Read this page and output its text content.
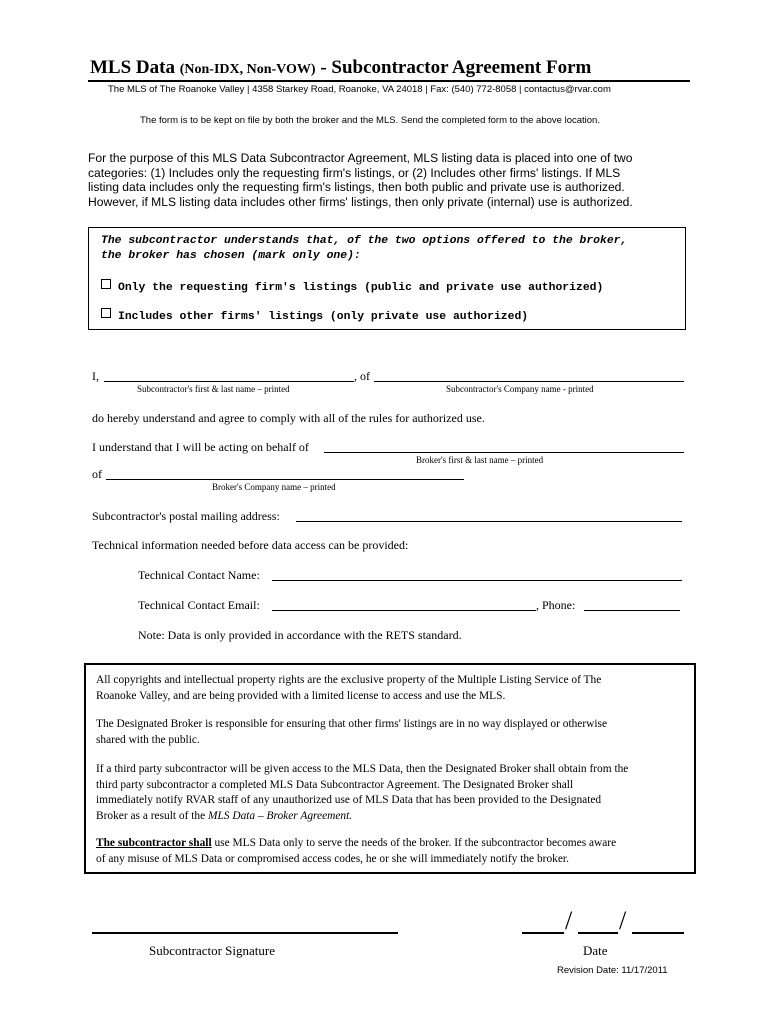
MLS Data (Non-IDX, Non-VOW) - Subcontractor Agreement Form
The MLS of The Roanoke Valley | 4358 Starkey Road, Roanoke, VA 24018 | Fax: (540) 772-8058 | contactus@rvar.com
The form is to be kept on file by both the broker and the MLS. Send the completed form to the above location.
For the purpose of this MLS Data Subcontractor Agreement, MLS listing data is placed into one of two
categories: (1) Includes only the requesting firm's listings, or (2) Includes other firms' listings. If MLS
listing data includes only the requesting firm's listings, then both public and private use is authorized.
However, if MLS listing data includes other firms' listings, then only private (internal) use is authorized.
The subcontractor understands that, of the two options offered to the broker,
the broker has chosen (mark only one):
Only the requesting firm's listings (public and private use authorized)
Includes other firms' listings (only private use authorized)
I,	, of
Subcontractor's first & last name – printed	Subcontractor's Company name - printed
do hereby understand and agree to comply with all of the rules for authorized use.
I understand that I will be acting on behalf of
Broker's first & last name – printed
of
Broker's Company name – printed
Subcontractor's postal mailing address:
Technical information needed before data access can be provided:
Technical Contact Name:
Technical Contact Email:	, Phone:
Note: Data is only provided in accordance with the RETS standard.
All copyrights and intellectual property rights are the exclusive property of the Multiple Listing Service of The
Roanoke Valley, and are being provided with a limited license to access and use the MLS.
The Designated Broker is responsible for ensuring that other firms' listings are in no way displayed or otherwise
shared with the public.
If a third party subcontractor will be given access to the MLS Data, then the Designated Broker shall obtain from the
third party subcontractor a completed MLS Data Subcontractor Agreement. The Designated Broker shall
immediately notify RVAR staff of any unauthorized use of MLS Data that has been provided to the Designated
Broker as a result of the MLS Data – Broker Agreement.
The subcontractor shall use MLS Data only to serve the needs of the broker. If the subcontractor becomes aware
of any misuse of MLS Data or compromised access codes, he or she will immediately notify the broker.
Subcontractor Signature
/ /
Date
Revision Date: 11/17/2011
